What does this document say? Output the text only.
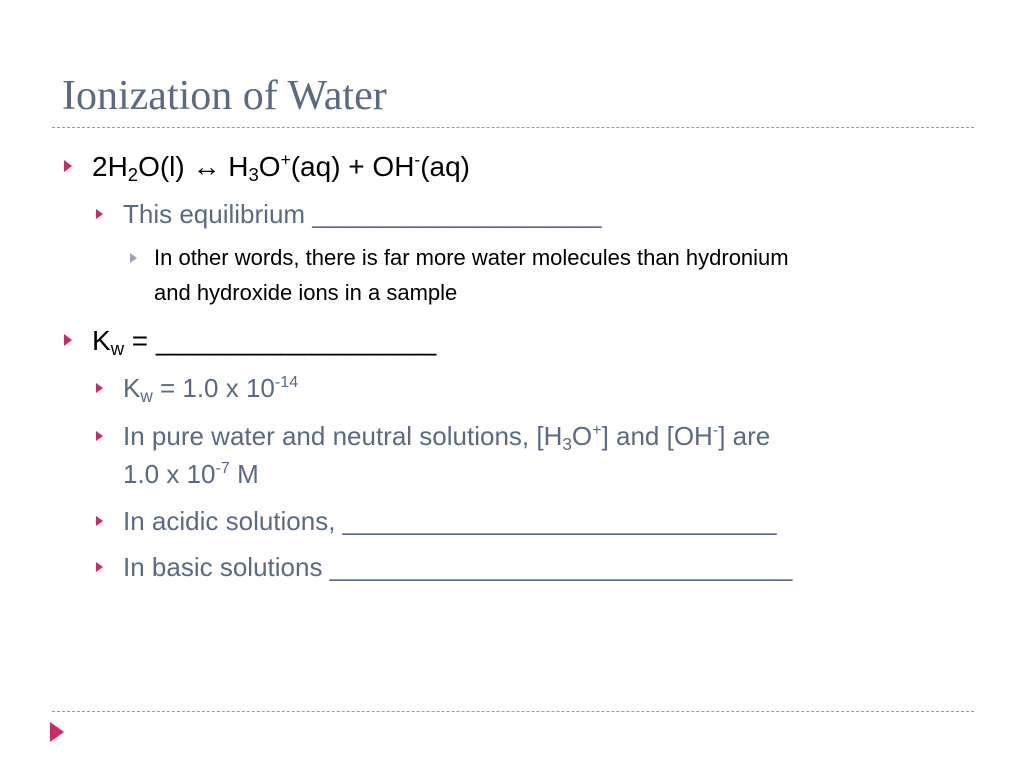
Ionization of Water
$2H_2O(l)$ ↔ $H_3O^+(aq) + OH^-(aq)$
This equilibrium ____________________
In other words, there is far more water molecules than hydronium
and hydroxide ions in a sample
$K_w$ = __________________
$K_w = 1.0$ x $10^{-14}$
In pure water and neutral solutions, $[H_3O^+]$ and [OH-] are
1.0 x $10^{-7}$ M
In acidic solutions, ______________________________
In basic solutions ________________________________
